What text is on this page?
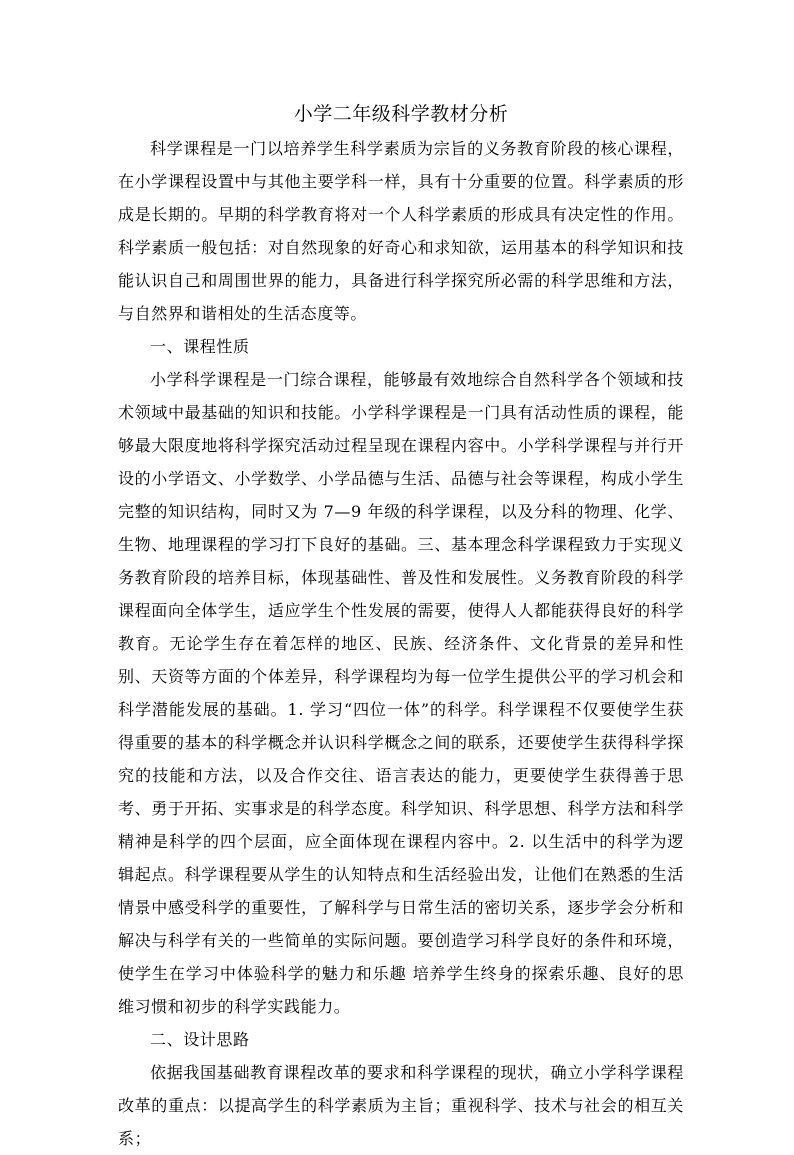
小学二年级科学教材分析

科学课程是一门以培养学生科学素质为宗旨的义务教育阶段的核心课程，在小学课程设置中与其他主要学科一样，具有十分重要的位置。科学素质的形成是长期的。早期的科学教育将对一个人科学素质的形成具有决定性的作用。科学素质一般包括：对自然现象的好奇心和求知欲，运用基本的科学知识和技能认识自己和周围世界的能力，具备进行科学探究所必需的科学思维和方法，与自然界和谐相处的生活态度等。

一、课程性质

小学科学课程是一门综合课程，能够最有效地综合自然科学各个领域和技术领域中最基础的知识和技能。小学科学课程是一门具有活动性质的课程，能够最大限度地将科学探究活动过程呈现在课程内容中。小学科学课程与并行开设的小学语文、小学数学、小学品德与生活、品德与社会等课程，构成小学生完整的知识结构，同时又为 7—9 年级的科学课程，以及分科的物理、化学、生物、地理课程的学习打下良好的基础。三、基本理念科学课程致力于实现义务教育阶段的培养目标，体现基础性、普及性和发展性。义务教育阶段的科学课程面向全体学生，适应学生个性发展的需要，使得人人都能获得良好的科学教育。无论学生存在着怎样的地区、民族、经济条件、文化背景的差异和性别、天资等方面的个体差异，科学课程均为每一位学生提供公平的学习机会和科学潜能发展的基础。1. 学习“四位一体”的科学。科学课程不仅要使学生获得重要的基本的科学概念并认识科学概念之间的联系，还要使学生获得科学探究的技能和方法，以及合作交往、语言表达的能力，更要使学生获得善于思考、勇于开拓、实事求是的科学态度。科学知识、科学思想、科学方法和科学精神是科学的四个层面，应全面体现在课程内容中。2. 以生活中的科学为逻辑起点。科学课程要从学生的认知特点和生活经验出发，让他们在熟悉的生活情景中感受科学的重要性，了解科学与日常生活的密切关系，逐步学会分析和解决与科学有关的一些简单的实际问题。要创造学习科学良好的条件和环境，使学生在学习中体验科学的魅力和乐趣 培养学生终身的探索乐趣、良好的思维习惯和初步的科学实践能力。

二、设计思路

依据我国基础教育课程改革的要求和科学课程的现状，确立小学科学课程改革的重点：以提高学生的科学素质为主旨；重视科学、技术与社会的相互关系；
